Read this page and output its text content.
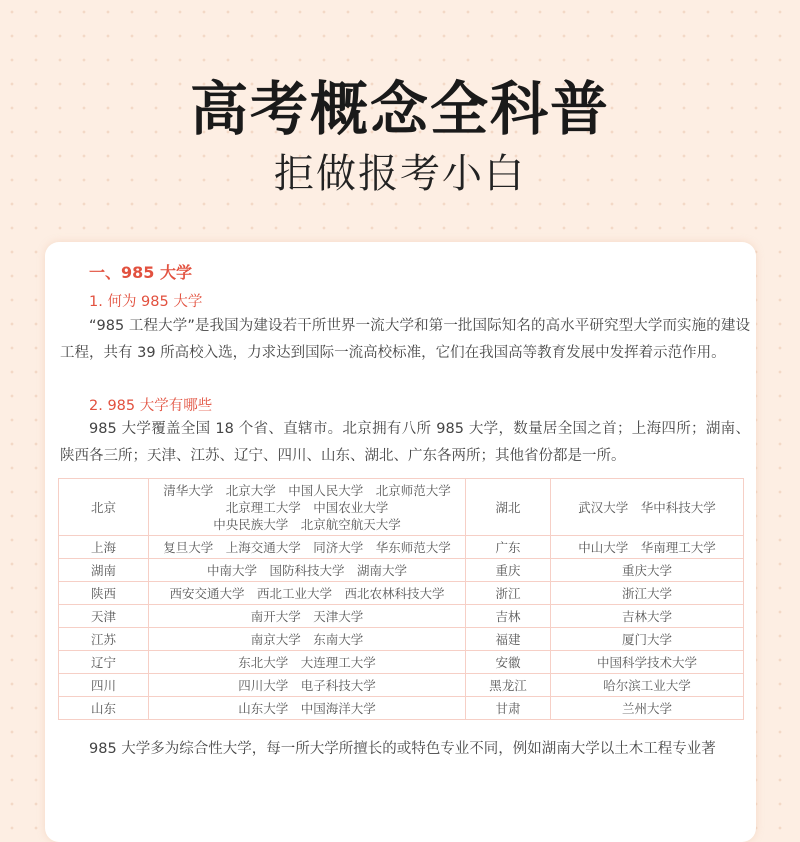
高考概念全科普
拒做报考小白
一、985 大学
1. 何为 985 大学
“985 工程大学”是我国为建设若干所世界一流大学和第一批国际知名的高水平研究型大学而实施的建设工程，共有 39 所高校入选，力求达到国际一流高校标准，它们在我国高等教育发展中发挥着示范作用。
2. 985 大学有哪些
985 大学覆盖全国 18 个省、直辖市。北京拥有八所 985 大学，数量居全国之首；上海四所；湖南、陕西各三所；天津、江苏、辽宁、四川、山东、湖北、广东各两所；其他省份都是一所。
北京	清华大学　北京大学　中国人民大学　北京师范大学
北京理工大学　中国农业大学
中央民族大学　北京航空航天大学	湖北	武汉大学　华中科技大学
上海	复旦大学　上海交通大学　同济大学　华东师范大学	广东	中山大学　华南理工大学
湖南	中南大学　国防科技大学　湖南大学	重庆	重庆大学
陕西	西安交通大学　西北工业大学　西北农林科技大学	浙江	浙江大学
天津	南开大学　天津大学	吉林	吉林大学
江苏	南京大学　东南大学	福建	厦门大学
辽宁	东北大学　大连理工大学	安徽	中国科学技术大学
四川	四川大学　电子科技大学	黑龙江	哈尔滨工业大学
山东	山东大学　中国海洋大学	甘肃	兰州大学
985 大学多为综合性大学，每一所大学所擅长的或特色专业不同，例如湖南大学以土木工程专业著
